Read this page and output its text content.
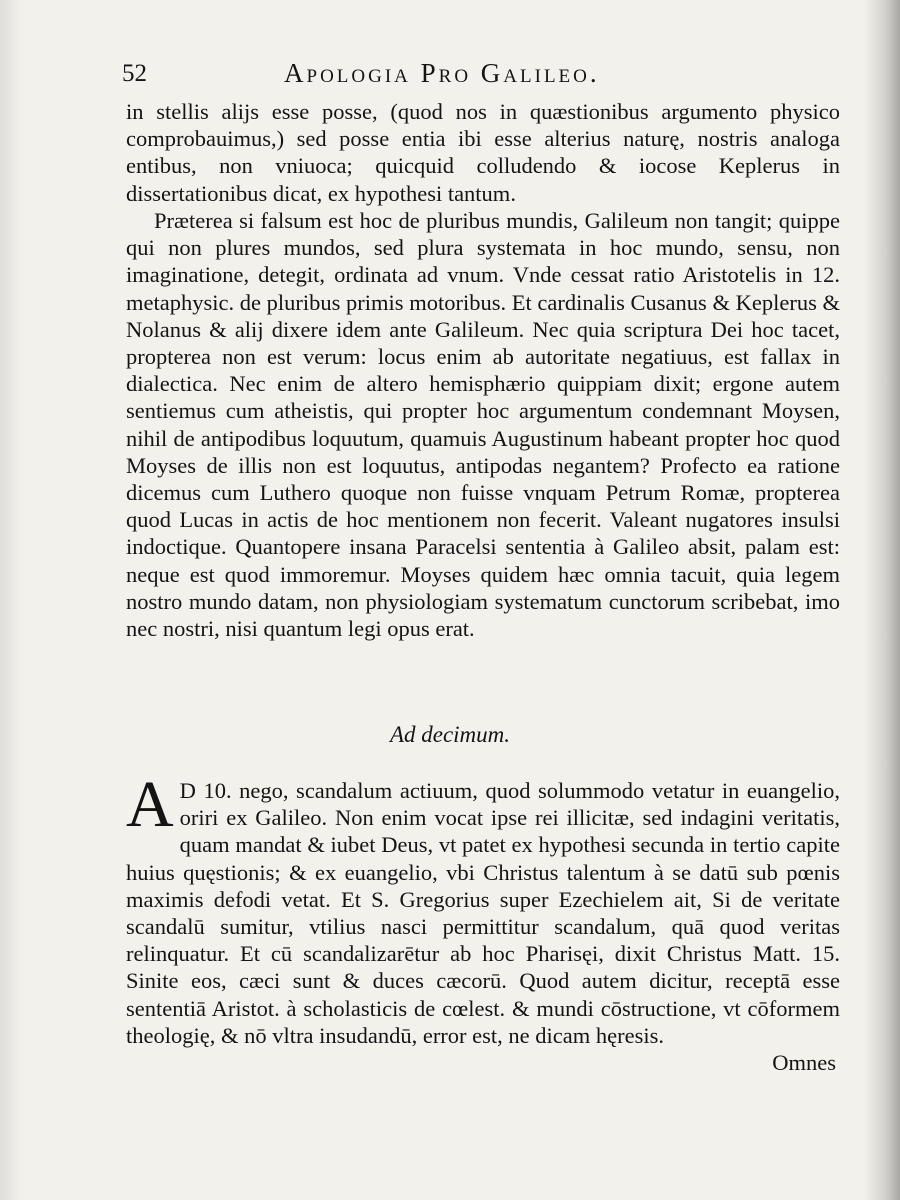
52	Apologia Pro Galileo.

in stellis alijs esse posse, (quod nos in quæstionibus argumento physico comprobauimus,) sed posse entia ibi esse alterius naturę, nostris analoga entibus, non vniuoca; quicquid colludendo & iocose Keplerus in dissertationibus dicat, ex hypothesi tantum.

Præterea si falsum est hoc de pluribus mundis, Galileum non tangit; quippe qui non plures mundos, sed plura systemata in hoc mundo, sensu, non imaginatione, detegit, ordinata ad vnum. Vnde cessat ratio Aristotelis in 12. metaphysic. de pluribus primis motoribus. Et cardinalis Cusanus & Keplerus & Nolanus & alij dixere idem ante Galileum. Nec quia scriptura Dei hoc tacet, propterea non est verum: locus enim ab autoritate negatiuus, est fallax in dialectica. Nec enim de altero hemisphærio quippiam dixit; ergone autem sentiemus cum atheistis, qui propter hoc argumentum condemnant Moysen, nihil de antipodibus loquutum, quamuis Augustinum habeant propter hoc quod Moyses de illis non est loquutus, antipodas negantem? Profecto ea ratione dicemus cum Luthero quoque non fuisse vnquam Petrum Romæ, propterea quod Lucas in actis de hoc mentionem non fecerit. Valeant nugatores insulsi indoctique. Quantopere insana Paracelsi sententia à Galileo absit, palam est: neque est quod immoremur. Moyses quidem hæc omnia tacuit, quia legem nostro mundo datam, non physiologiam systematum cunctorum scribebat, imo nec nostri, nisi quantum legi opus erat.

Ad decimum.
A D 10. nego, scandalum actiuum, quod solummodo vetatur in euangelio, oriri ex Galileo. Non enim vocat ipse rei illicitæ, sed indagini veritatis, quam mandat & iubet Deus, vt patet ex hypothesi secunda in tertio capite huius quęstionis; & ex euangelio, vbi Christus talentum à se datū sub pœnis maximis defodi vetat. Et S. Gregorius super Ezechielem ait, Si de veritate scandalū sumitur, vtilius nasci permittitur scandalum, quā quod veritas relinquatur. Et cū scandalizarētur ab hoc Pharisęi, dixit Christus Matt. 15. Sinite eos, cæci sunt & duces cæcorū. Quod autem dicitur, receptā esse sententiā Aristot. à scholasticis de cœlest. & mundi cōstructione, vt cōformem theologię, & nō vltra insudandū, error est, ne dicam hęresis.

Omnes
